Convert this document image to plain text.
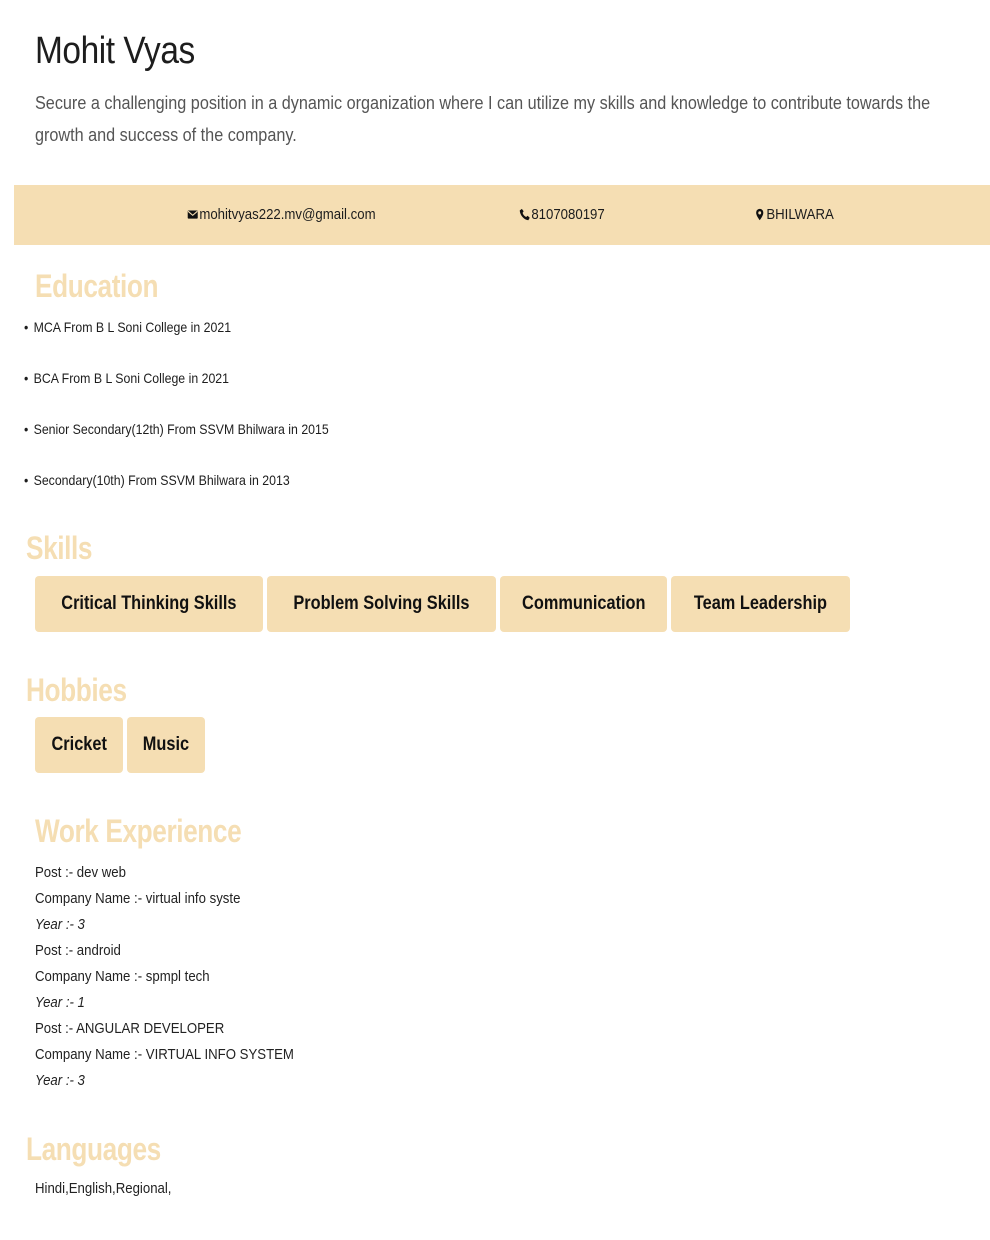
Mohit Vyas
Secure a challenging position in a dynamic organization where I can utilize my skills and knowledge to contribute towards the growth and success of the company.
mohitvyas222.mv@gmail.com	8107080197	BHILWARA
Education
• MCA From B L Soni College in 2021
• BCA From B L Soni College in 2021
• Senior Secondary(12th) From SSVM Bhilwara in 2015
• Secondary(10th) From SSVM Bhilwara in 2013
Skills
Critical Thinking Skills	Problem Solving Skills	Communication	Team Leadership
Hobbies
Cricket Music
Work Experience
Post :- dev web
Company Name :- virtual info syste
Year :- 3
Post :- android
Company Name :- spmpl tech
Year :- 1
Post :- ANGULAR DEVELOPER
Company Name :- VIRTUAL INFO SYSTEM
Year :- 3
Languages
Hindi,English,Regional,
